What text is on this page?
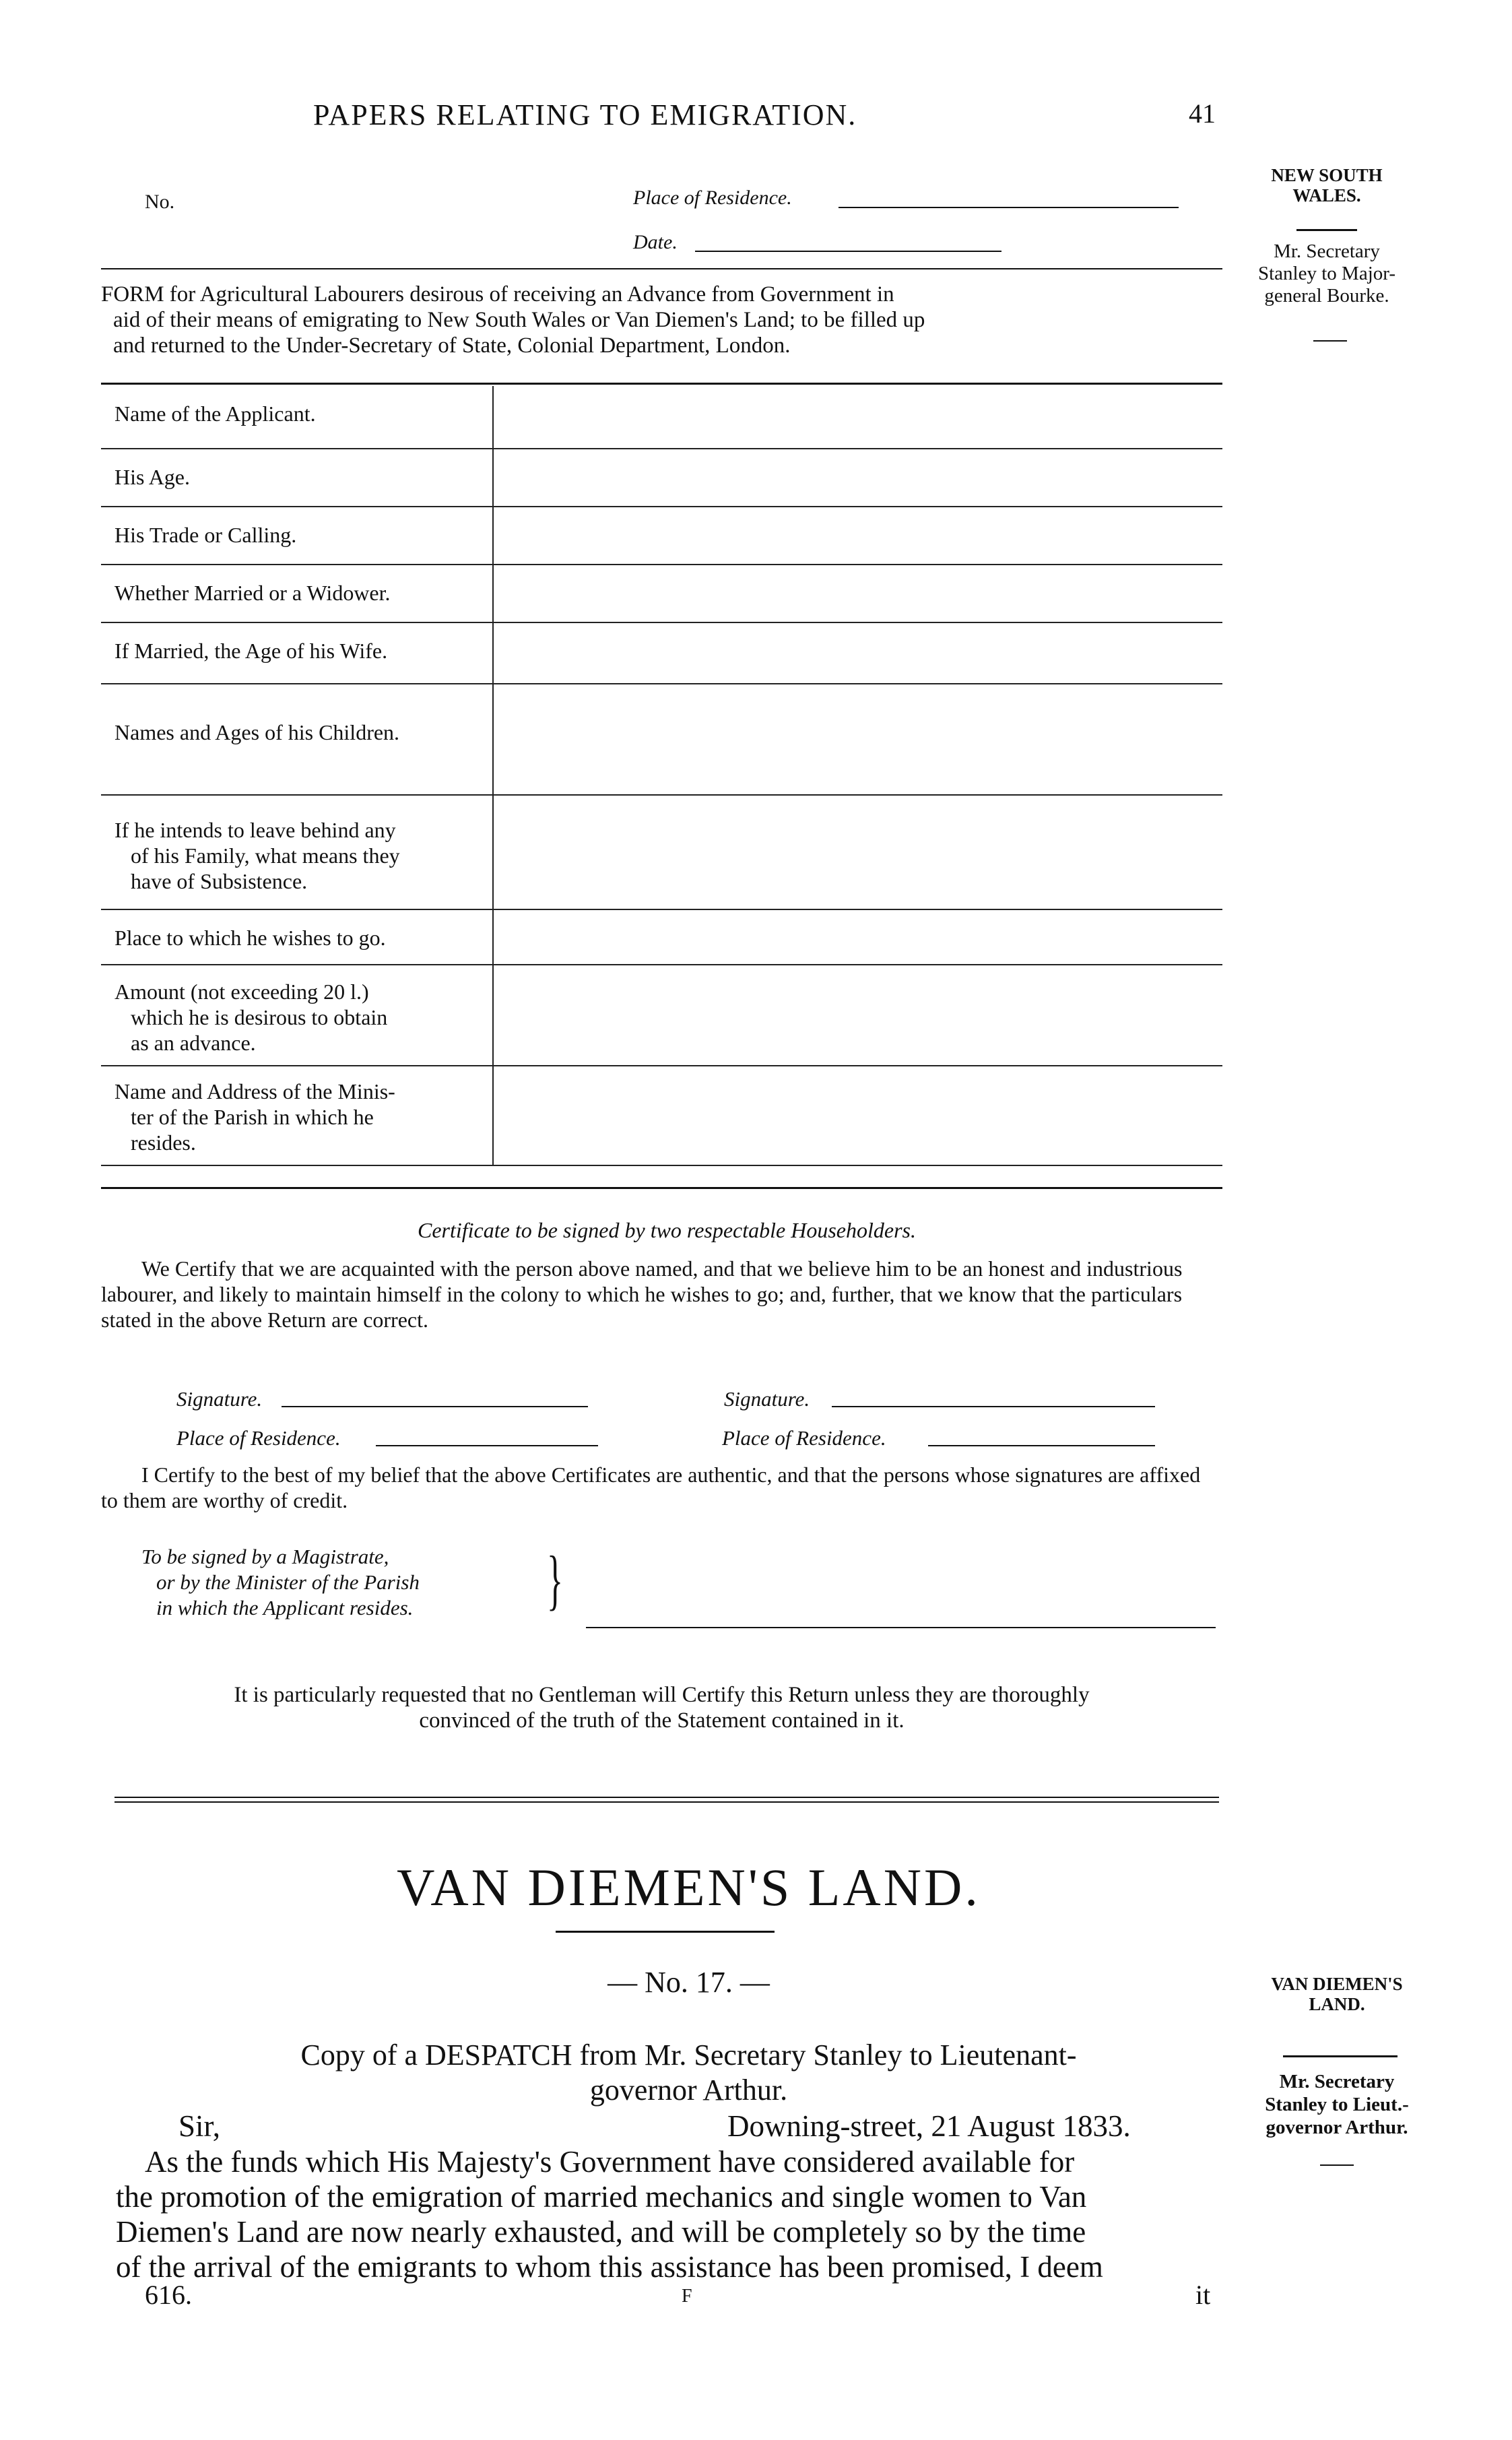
PAPERS RELATING TO EMIGRATION.	41
NEW SOUTH
WALES.
Mr. Secretary
Stanley to Major-
general Bourke.
No.	Place of Residence.
Date.
FORM for Agricultural Labourers desirous of receiving an Advance from Government in
aid of their means of emigrating to New South Wales or Van Diemen's Land; to be filled up
and returned to the Under-Secretary of State, Colonial Department, London.
Name of the Applicant.	
His Age.	
His Trade or Calling.	
Whether Married or a Widower.	
If Married, the Age of his Wife.	
Names and Ages of his Children.	
If he intends to leave behind any
of his Family, what means they
have of Subsistence.	

Place to which he wishes to go.	
Amount (not exceeding 20 l.)
which he is desirous to obtain
as an advance.	

Name and Address of the Minis-
ter of the Parish in which he
resides.	

Certificate to be signed by two respectable Householders.
We Certify that we are acquainted with the person above named, and that we believe him to be an honest and industrious labourer, and likely to maintain himself in the colony to which he wishes to go; and, further, that we know that the particulars stated in the above Return are correct.
Signature.	Signature.
Place of Residence.	Place of Residence.
I Certify to the best of my belief that the above Certificates are authentic, and that the persons whose signatures are affixed to them are worthy of credit.
To be signed by a Magistrate,
or by the Minister of the Parish
in which the Applicant resides. }
It is particularly requested that no Gentleman will Certify this Return unless they are thoroughly
convinced of the truth of the Statement contained in it.
VAN DIEMEN'S LAND.
— No. 17. —
Copy of a DESPATCH from Mr. Secretary Stanley to Lieutenant-
governor Arthur.
VAN DIEMEN'S
LAND.
Mr. Secretary
Stanley to Lieut.-
governor Arthur.
Sir,	Downing-street, 21 August 1833.
As the funds which His Majesty's Government have considered available for
the promotion of the emigration of married mechanics and single women to Van
Diemen's Land are now nearly exhausted, and will be completely so by the time
of the arrival of the emigrants to whom this assistance has been promised, I deem
616.	F	it
